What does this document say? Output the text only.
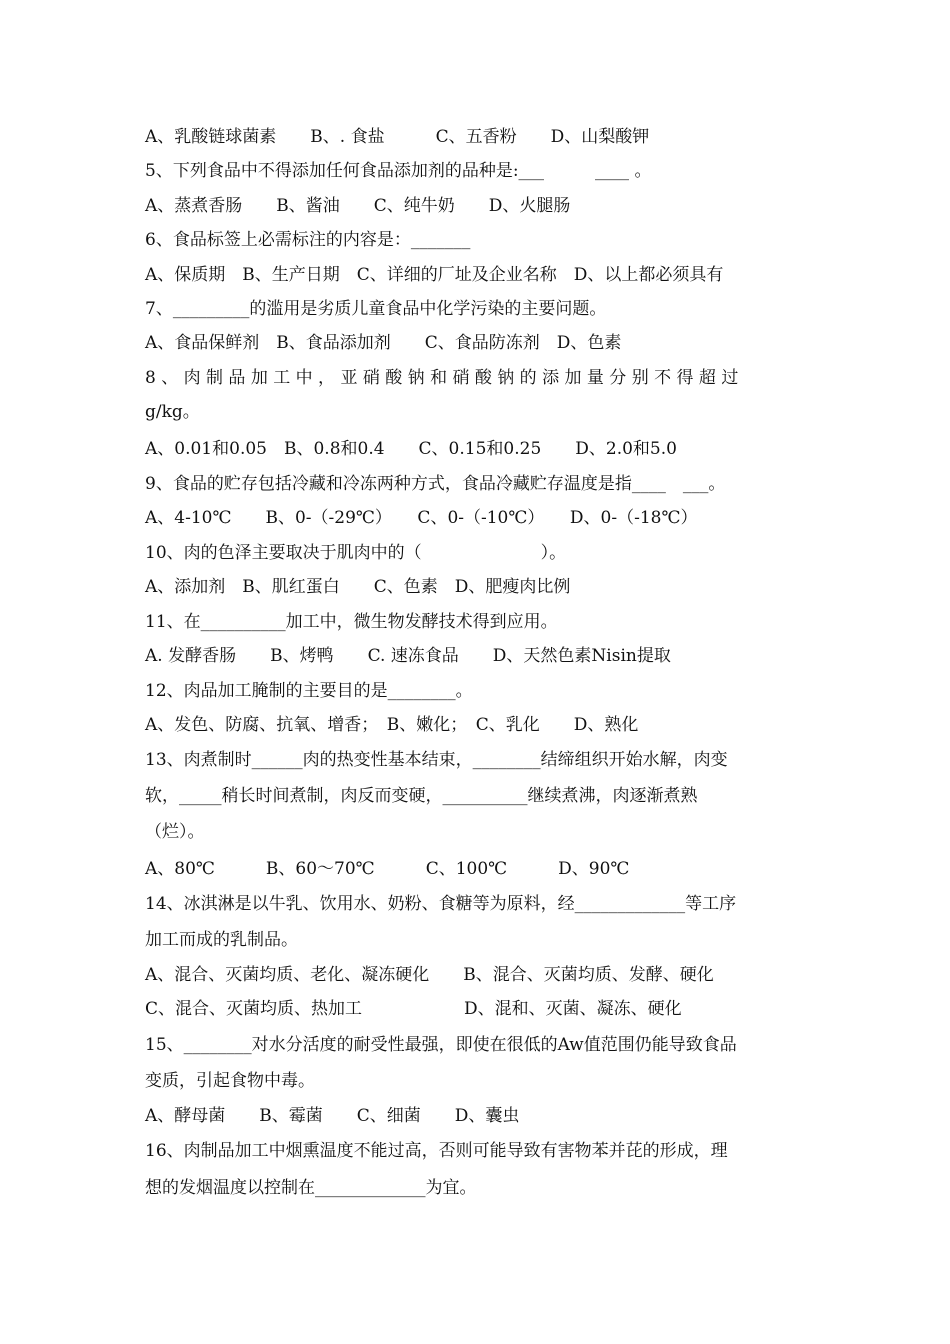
A、乳酸链球菌素　　B、. 食盐　　　C、五香粉　　D、山梨酸钾
5、下列食品中不得添加任何食品添加剂的品种是:___　　　____ 。
A、蒸煮香肠　　B、酱油　　C、纯牛奶　　D、火腿肠
6、食品标签上必需标注的内容是：_______
A、保质期　B、生产日期　C、详细的厂址及企业名称　D、以上都必须具有
7、_________的滥用是劣质儿童食品中化学污染的主要问题。
A、食品保鲜剂　B、食品添加剂　　C、食品防冻剂　D、色素
8 、 肉 制 品 加 工 中 ， 亚 硝 酸 钠 和 硝 酸 钠 的 添 加 量 分 别 不 得 超 过
g/kg。
A、0.01和0.05　B、0.8和0.4　　C、0.15和0.25　　D、2.0和5.0
9、食品的贮存包括冷藏和冷冻两种方式，食品冷藏贮存温度是指____　___。
A、4-10℃　　B、0-（-29℃）　　C、0-（-10℃）　　D、0-（-18℃）
10、肉的色泽主要取决于肌肉中的（　　　　　　　）。
A、添加剂　B、肌红蛋白　　C、色素　D、肥瘦肉比例
11、在__________加工中，微生物发酵技术得到应用。
A. 发酵香肠　　B、烤鸭　　C. 速冻食品　　D、天然色素Nisin提取
12、肉品加工腌制的主要目的是________。
A、发色、防腐、抗氧、增香；　B、嫩化；　C、乳化　　D、熟化
13、肉煮制时______肉的热变性基本结束，________结缔组织开始水解，肉变
软，_____稍长时间煮制，肉反而变硬，__________继续煮沸，肉逐渐煮熟
（烂）。
A、80℃　　　B、60～70℃　　　C、100℃　　　D、90℃
14、冰淇淋是以牛乳、饮用水、奶粉、食糖等为原料，经_____________等工序
加工而成的乳制品。
A、混合、灭菌均质、老化、凝冻硬化　　B、混合、灭菌均质、发酵、硬化
C、混合、灭菌均质、热加工　　　　　　D、混和、灭菌、凝冻、硬化
15、________对水分活度的耐受性最强，即使在很低的Aw值范围仍能导致食品
变质，引起食物中毒。
A、酵母菌　　B、霉菌　　C、细菌　　D、囊虫
16、肉制品加工中烟熏温度不能过高，否则可能导致有害物苯并芘的形成，理
想的发烟温度以控制在_____________为宜。
